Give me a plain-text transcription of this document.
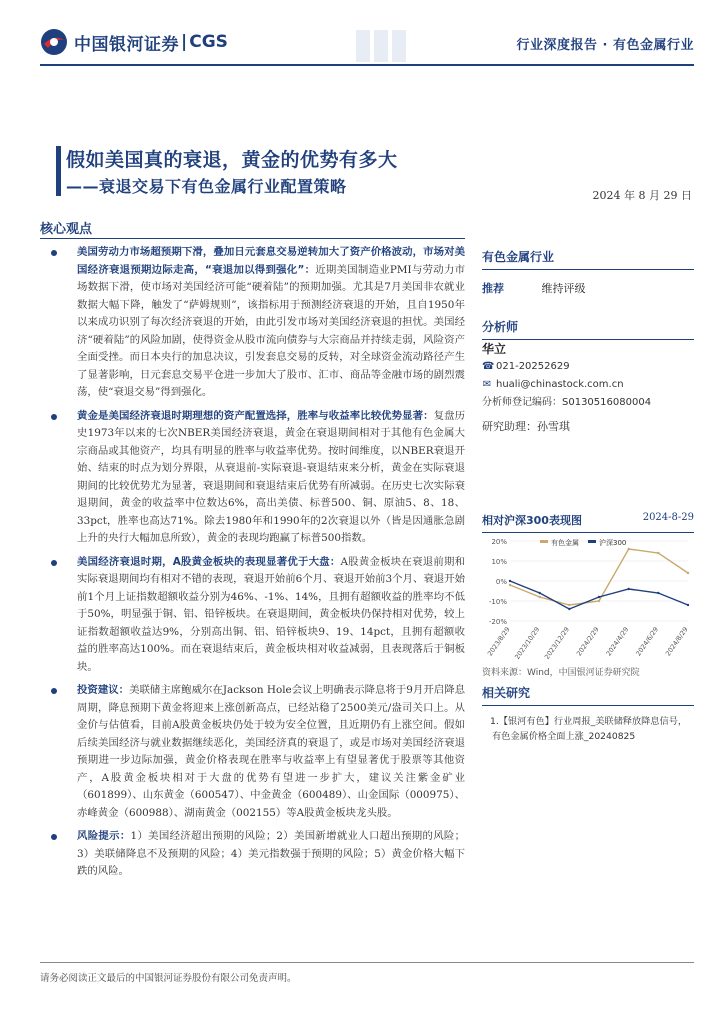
中国银河证券 | CGS	行业深度报告 · 有色金属行业
假如美国真的衰退，黄金的优势有多大
——衰退交易下有色金属行业配置策略	2024 年 8 月 29 日
核心观点
美国劳动力市场超预期下滑，叠加日元套息交易逆转加大了资产价格波动，市场对美国经济衰退预期边际走高，“衰退加以得到强化”：近期美国制造业PMI与劳动力市场数据下滑，使市场对美国经济可能“硬着陆”的预期加强。尤其是7月美国非农就业数据大幅下降，触发了“萨姆规则”，该指标用于预测经济衰退的开始，且自1950年以来成功识别了每次经济衰退的开始，由此引发市场对美国经济衰退的担忧。美国经济“硬着陆”的风险加剧，使得资金从股市流向债券与大宗商品并持续走弱，风险资产全面受挫。而日本央行的加息决议，引发套息交易的反转，对全球资金流动路径产生了显著影响，日元套息交易平仓进一步加大了股市、汇市、商品等金融市场的剧烈震荡，使“衰退交易”得到强化。
黄金是美国经济衰退时期理想的资产配置选择，胜率与收益率比较优势显著：复盘历史1973年以来的七次NBER美国经济衰退，黄金在衰退期间相对于其他有色金属大宗商品或其他资产，均具有明显的胜率与收益率优势。按时间维度，以NBER衰退开始、结束的时点为划分界限，从衰退前-实际衰退-衰退结束来分析，黄金在实际衰退期间的比较优势尤为显著，衰退期间和衰退结束后优势有所减弱。在历史七次实际衰退期间，黄金的收益率中位数达6%，高出美债、标普500、铜、原油5、8、18、33pct，胜率也高达71%。除去1980年和1990年的2次衰退以外（皆是因通胀急剧上升的央行大幅加息所致），黄金的表现均跑赢了标普500指数。
美国经济衰退时期，A股黄金板块的表现显著优于大盘：A股黄金板块在衰退前期和实际衰退期间均有相对不错的表现，衰退开始前6个月、衰退开始前3个月、衰退开始前1个月上证指数超额收益分别为46%、-1%、14%，且拥有超额收益的胜率均不低于50%，明显强于铜、铝、铅锌板块。在衰退期间，黄金板块仍保持相对优势，较上证指数超额收益达9%，分别高出铜、铝、铅锌板块9、19、14pct，且拥有超额收益的胜率高达100%。而在衰退结束后，黄金板块相对收益减弱，且表现落后于铜板块。
投资建议：美联储主席鲍威尔在Jackson Hole会议上明确表示降息将于9月开启降息周期，降息预期下黄金将迎来上涨创新高点，已经站稳了2500美元/盎司关口上。从金价与估值看，目前A股黄金板块仍处于较为安全位置，且近期仍有上涨空间。假如后续美国经济与就业数据继续恶化，美国经济真的衰退了，或是市场对美国经济衰退预期进一步边际加强，黄金价格表现在胜率与收益率上有望显著优于股票等其他资产，A股黄金板块相对于大盘的优势有望进一步扩大，建议关注紫金矿业（601899）、山东黄金（600547）、中金黄金（600489）、山金国际（000975）、赤峰黄金（600988）、湖南黄金（002155）等A股黄金板块龙头股。
风险提示：1）美国经济超出预期的风险；2）美国新增就业人口超出预期的风险；3）美联储降息不及预期的风险；4）美元指数强于预期的风险；5）黄金价格大幅下跌的风险。
有色金属行业
推荐	维持评级
分析师
华立
☎ 021-20252629
✉ huali@chinastock.com.cn
分析师登记编码：S0130516080004
研究助理：孙雪琪
相对沪深300表现图	2024-8-29
20%
10%
0%
-10%
-20%
2023/8/29 2023/10/29 2023/12/29 2024/2/29 2024/4/29 2024/6/29 2024/8/29
有色金属	沪深300
资料来源：Wind，中国银河证券研究院
相关研究
1.【银河有色】行业周报_美联储释放降息信号，有色金属价格全面上涨_20240825
请务必阅读正文最后的中国银河证券股份有限公司免责声明。
